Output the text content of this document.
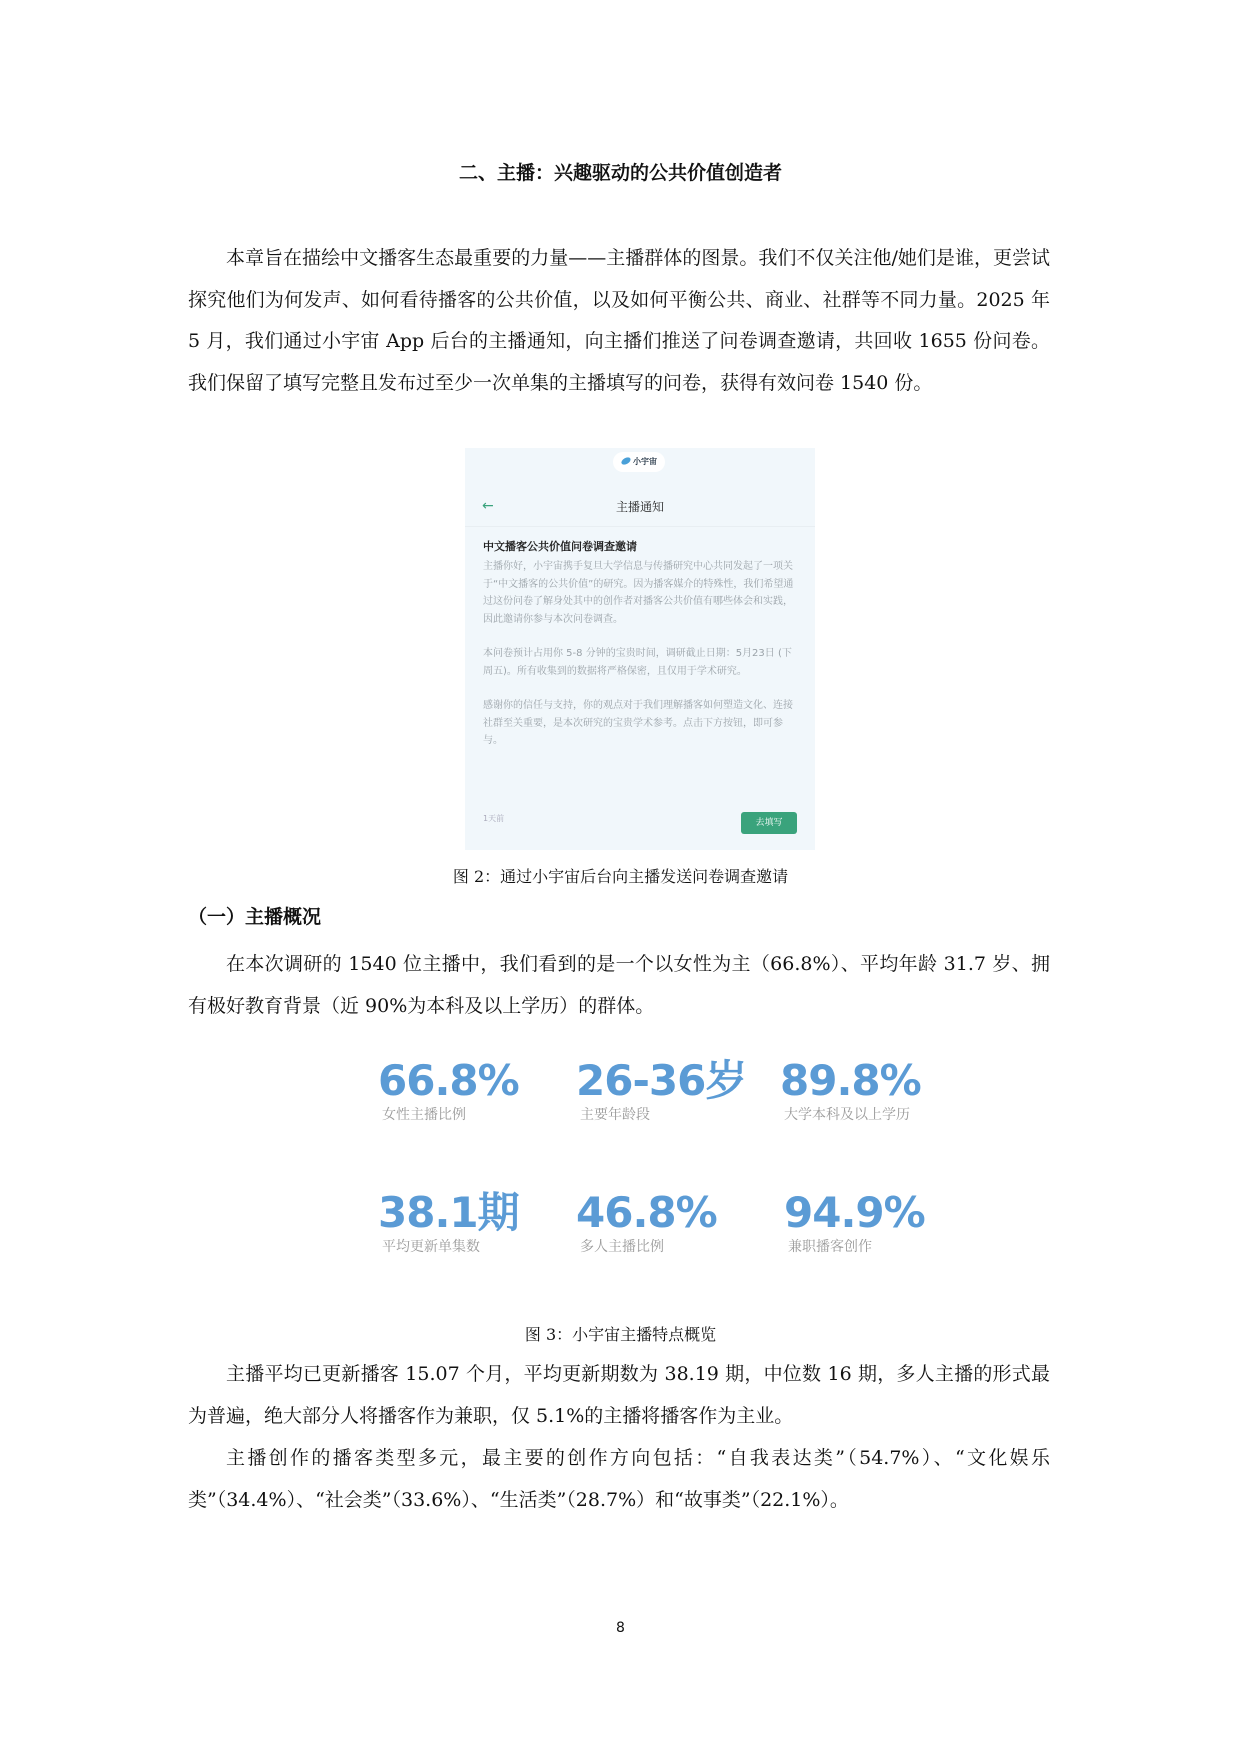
二、主播：兴趣驱动的公共价值创造者

本章旨在描绘中文播客生态最重要的力量——主播群体的图景。我们不仅关注他/她们是谁，更尝试探究他们为何发声、如何看待播客的公共价值，以及如何平衡公共、商业、社群等不同力量。2025 年 5 月，我们通过小宇宙 App 后台的主播通知，向主播们推送了问卷调查邀请，共回收 1655 份问卷。我们保留了填写完整且发布过至少一次单集的主播填写的问卷，获得有效问卷 1540 份。

小宇宙
←	主播通知
中文播客公共价值问卷调查邀请

主播你好，小宇宙携手复旦大学信息与传播研究中心共同发起了一项关于“中文播客的公共价值”的研究。因为播客媒介的特殊性，我们希望通过这份问卷了解身处其中的创作者对播客公共价值有哪些体会和实践，因此邀请你参与本次问卷调查。

本问卷预计占用你 5-8 分钟的宝贵时间，调研截止日期：5月23日 (下周五)。所有收集到的数据将严格保密，且仅用于学术研究。

感谢你的信任与支持，你的观点对于我们理解播客如何塑造文化、连接社群至关重要，是本次研究的宝贵学术参考。点击下方按钮，即可参与。

1天前	去填写
图 2：通过小宇宙后台向主播发送问卷调查邀请
（一）主播概况

在本次调研的 1540 位主播中，我们看到的是一个以女性为主（66.8%）、平均年龄 31.7 岁、拥有极好教育背景（近 90%为本科及以上学历）的群体。

66.8%
女性主播比例
26-36岁
主要年龄段
89.8%
大学本科及以上学历
38.1期
平均更新单集数
46.8%
多人主播比例
94.9%
兼职播客创作
图 3：小宇宙主播特点概览

主播平均已更新播客 15.07 个月，平均更新期数为 38.19 期，中位数 16 期，多人主播的形式最为普遍，绝大部分人将播客作为兼职，仅 5.1%的主播将播客作为主业。

主播创作的播客类型多元，最主要的创作方向包括：“自我表达类”（54.7%）、“文化娱乐类”（34.4%）、“社会类”（33.6%）、“生活类”（28.7%）和“故事类”（22.1%）。

8
